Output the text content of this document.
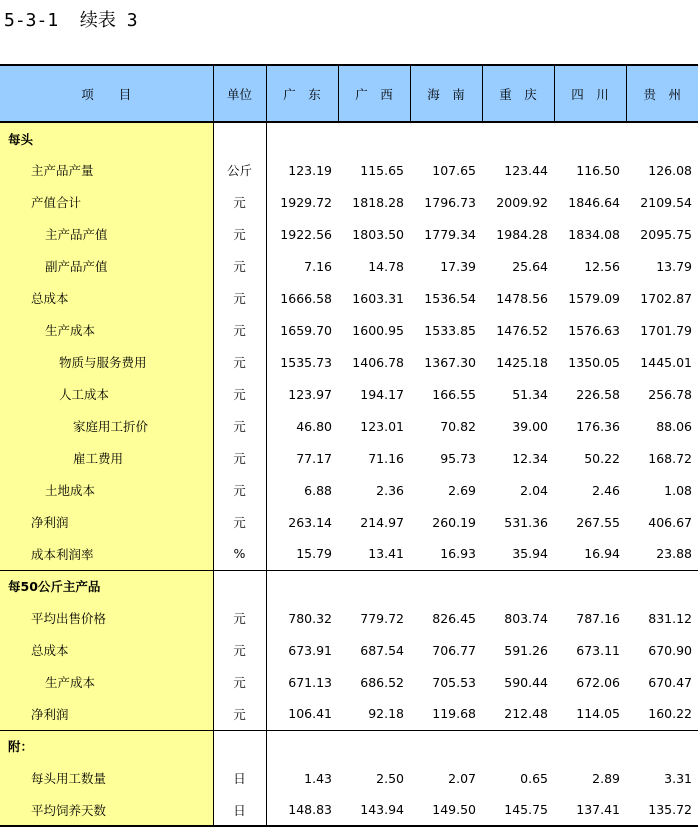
5-3-1  续表 3
项　　目	单位	广　东	广　西	海　南	重　庆	四　川	贵　州
每头							
主产品产量	公斤	123.19	115.65	107.65	123.44	116.50	126.08
产值合计	元	1929.72	1818.28	1796.73	2009.92	1846.64	2109.54
主产品产值	元	1922.56	1803.50	1779.34	1984.28	1834.08	2095.75
副产品产值	元	7.16	14.78	17.39	25.64	12.56	13.79
总成本	元	1666.58	1603.31	1536.54	1478.56	1579.09	1702.87
生产成本	元	1659.70	1600.95	1533.85	1476.52	1576.63	1701.79
物质与服务费用	元	1535.73	1406.78	1367.30	1425.18	1350.05	1445.01
人工成本	元	123.97	194.17	166.55	51.34	226.58	256.78
家庭用工折价	元	46.80	123.01	70.82	39.00	176.36	88.06
雇工费用	元	77.17	71.16	95.73	12.34	50.22	168.72
土地成本	元	6.88	2.36	2.69	2.04	2.46	1.08
净利润	元	263.14	214.97	260.19	531.36	267.55	406.67
成本利润率	%	15.79	13.41	16.93	35.94	16.94	23.88
每50公斤主产品							
平均出售价格	元	780.32	779.72	826.45	803.74	787.16	831.12
总成本	元	673.91	687.54	706.77	591.26	673.11	670.90
生产成本	元	671.13	686.52	705.53	590.44	672.06	670.47
净利润	元	106.41	92.18	119.68	212.48	114.05	160.22
附：							
每头用工数量	日	1.43	2.50	2.07	0.65	2.89	3.31
平均饲养天数	日	148.83	143.94	149.50	145.75	137.41	135.72
